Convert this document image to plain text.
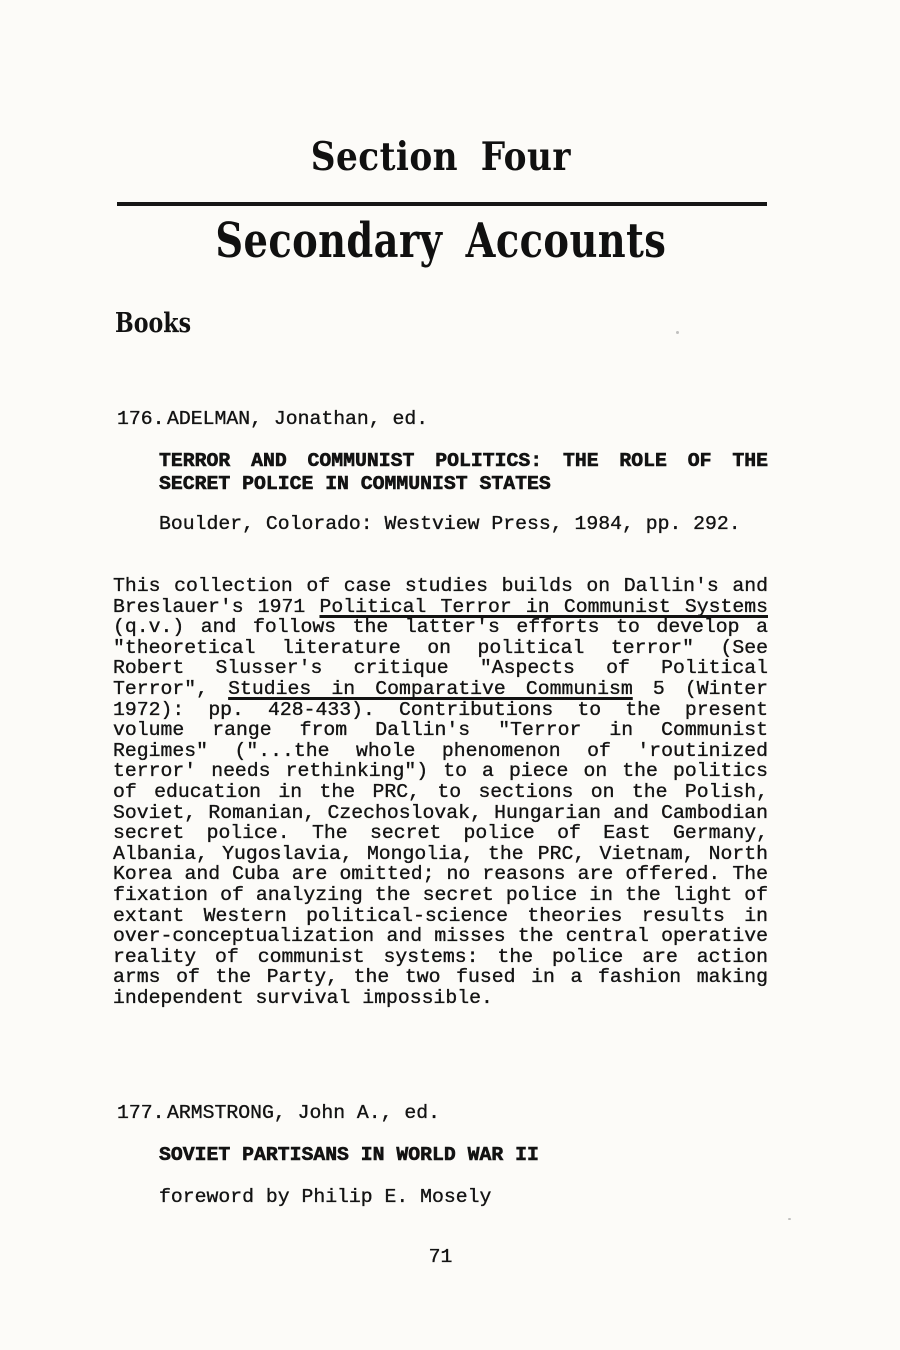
Section Four
Secondary Accounts
Books
176. ADELMAN, Jonathan, ed.
TERROR AND COMMUNIST POLITICS: THE ROLE OF THE
SECRET POLICE IN COMMUNIST STATES
Boulder, Colorado: Westview Press, 1984, pp. 292.
This collection of case studies builds on Dallin's and
Breslauer's 1971 Political Terror in Communist Systems
(q.v.) and follows the latter's efforts to develop a
"theoretical literature on political terror" (See
Robert Slusser's critique "Aspects of Political
Terror", Studies in Comparative Communism 5 (Winter
1972): pp. 428-433). Contributions to the present
volume range from Dallin's "Terror in Communist
Regimes" ("...the whole phenomenon of 'routinized
terror' needs rethinking") to a piece on the politics
of education in the PRC, to sections on the Polish,
Soviet, Romanian, Czechoslovak, Hungarian and Cambodian
secret police. The secret police of East Germany,
Albania, Yugoslavia, Mongolia, the PRC, Vietnam, North
Korea and Cuba are omitted; no reasons are offered. The
fixation of analyzing the secret police in the light of
extant Western political-science theories results in
over-conceptualization and misses the central operative
reality of communist systems: the police are action
arms of the Party, the two fused in a fashion making
independent survival impossible.
177. ARMSTRONG, John A., ed.
SOVIET PARTISANS IN WORLD WAR II
foreword by Philip E. Mosely
71
